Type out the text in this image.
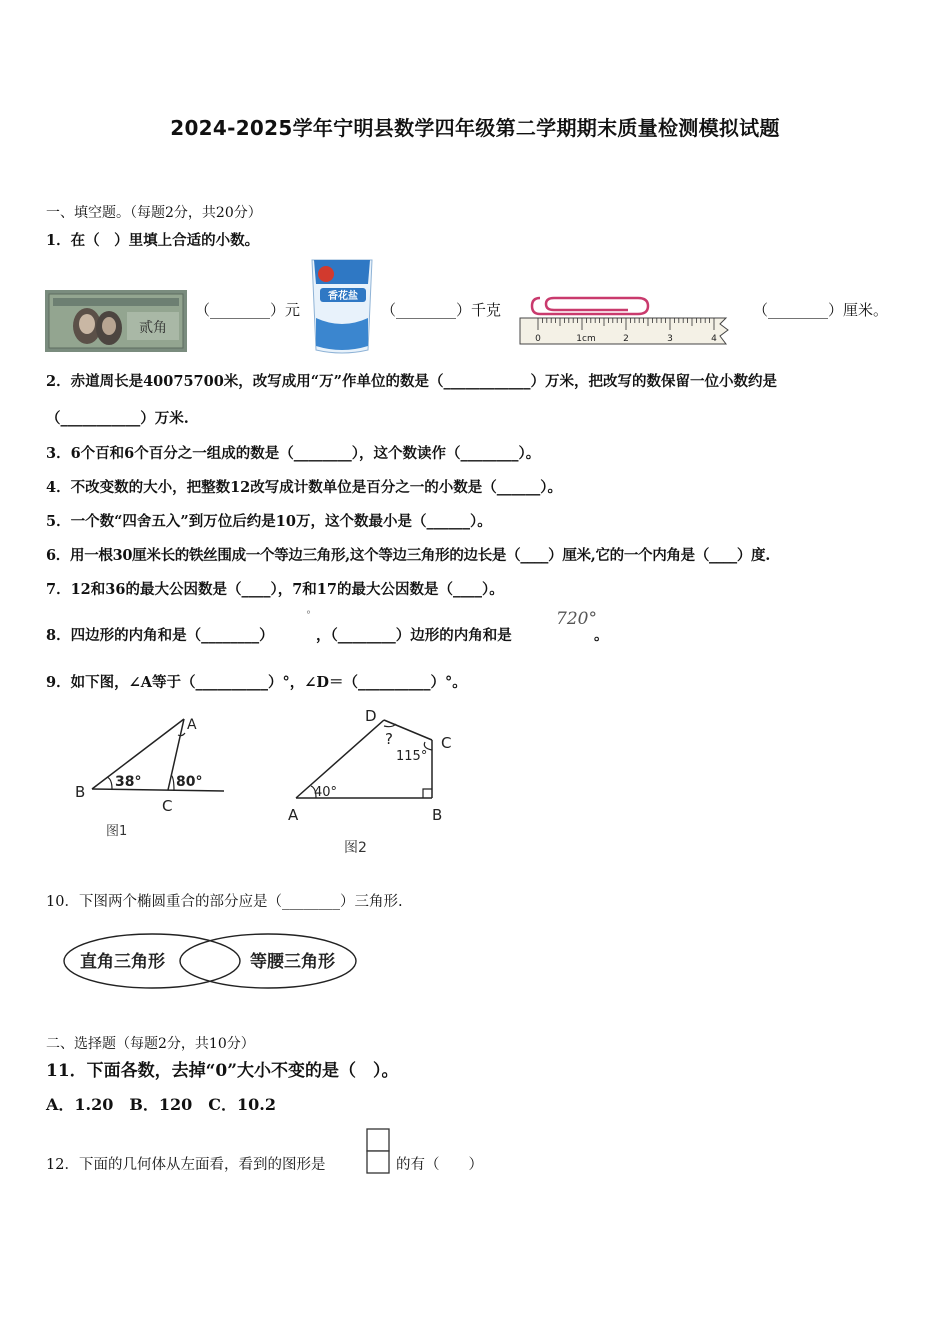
2024-2025学年宁明县数学四年级第二学期期末质量检测模拟试题
一、填空题。（每题2分，共20分）
1．在（　）里填上合适的小数。
贰角
（________）元
香花盐
（________）千克
0	1cm	2	3	4
（________）厘米。
2．赤道周长是40075700米，改写成用“万”作单位的数是（____________）万米，把改写的数保留一位小数约是
（___________）万米.
3．6个百和6个百分之一组成的数是（________），这个数读作（________）。
4．不改变数的大小，把整数12改写成计数单位是百分之一的小数是（______）。
5．一个数“四舍五入”到万位后约是10万，这个数最小是（______）。
6．用一根30厘米长的铁丝围成一个等边三角形,这个等边三角形的边长是（____）厘米,它的一个内角是（____）度.
7．12和36的最大公因数是（____），7和17的最大公因数是（____）。
8．四边形的内角和是（________）
°
，（________）边形的内角和是
720°
。
9．如下图，∠A等于（__________）°，∠D＝（__________）°。
A
B
C
38° 80°
图1
D
C
A	B
?
115°
40°
图2
10．下图两个椭圆重合的部分应是（________）三角形.
直角三角形	等腰三角形
二、选择题（每题2分，共10分）
11．下面各数，去掉“0”大小不变的是（　）。
A．1.20　B．120　C．10.2
12．下面的几何体从左面看，看到的图形是	的有（　　）
